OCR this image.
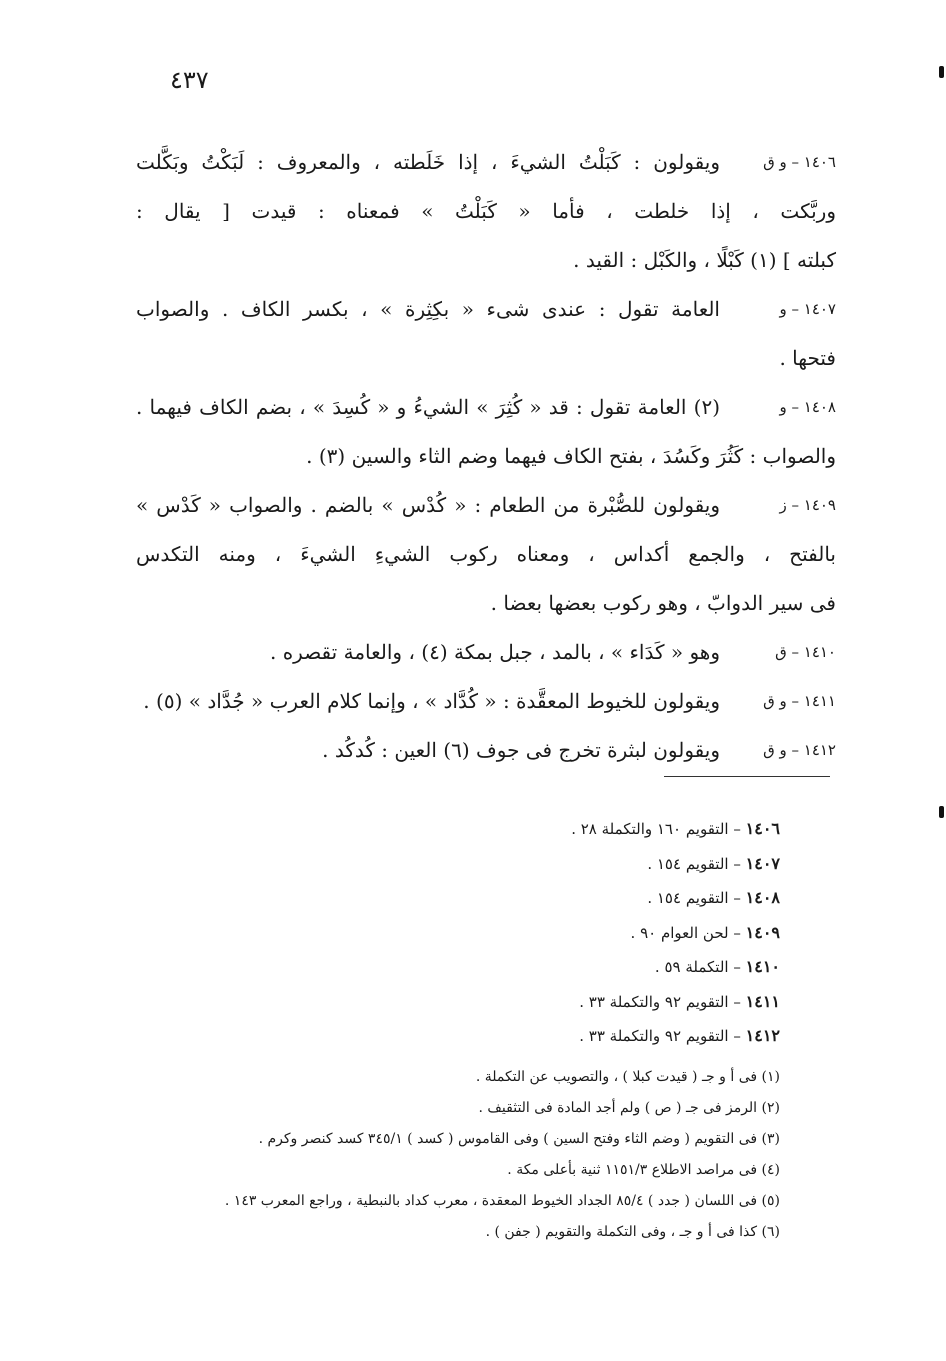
٤٣٧
١٤٠٦ – و ق
ويقولون : كَبَلْتُ الشيءَ ، إذا خَلَطته ، والمعروف : لَبَكْتُ وبَكَّلت
وربَّكت ، إذا خلطت ، فأما « كَبَلْتُ » فمعناه : قيدت [ يقال :
كبلته ] (١) كَبْلًا ، والكَبْل : القيد .
١٤٠٧ – و
العامة تقول : عندى شىء « بكِثِرة » ، بكسر الكاف . والصواب
فتحها .
١٤٠٨ – و
(٢) العامة تقول : قد « كُثِرَ » الشيءُ و « كُسِدَ » ، بضم الكاف فيهما .
والصواب : كَثُرَ وكَسُدَ ، بفتح الكاف فيهما وضم الثاء والسين (٣) .
١٤٠٩ – ز
ويقولون للصُّبْرة من الطعام : « كُدْس » بالضم . والصواب « كَدْس »
بالفتح ، والجمع أكداس ، ومعناه ركوب الشيءِ الشيءَ ، ومنه التكدس
فى سير الدوابّ ، وهو ركوب بعضها بعضا .
١٤١٠ – ق
وهو « كَدَاء » ، بالمد ، جبل بمكة (٤) ، والعامة تقصره .
١٤١١ – و ق
ويقولون للخيوط المعقَّدة : « كُدَّاد » ، وإنما كلام العرب « جُدَّاد » (٥) .
١٤١٢ – و ق
ويقولون لبثرة تخرج فى جوف (٦) العين : كُدكُد .
١٤٠٦ – التقويم ١٦٠ والتكملة ٢٨ .
١٤٠٧ – التقويم ١٥٤ .
١٤٠٨ – التقويم ١٥٤ .
١٤٠٩ – لحن العوام ٩٠ .
١٤١٠ – التكملة ٥٩ .
١٤١١ – التقويم ٩٢ والتكملة ٣٣ .
١٤١٢ – التقويم ٩٢ والتكملة ٣٣ .
(١) فى أ و جـ ( قيدت كبلا ) ، والتصويب عن التكملة .
(٢) الرمز فى جـ ( ص ) ولم أجد المادة فى التثقيف .
(٣) فى التقويم ( وضم الثاء وفتح السين ) وفى القاموس ( كسد ) ٣٤٥/١ كسد كنصر وكرم .
(٤) فى مراصد الاطلاع ١١٥١/٣ ثنية بأعلى مكة .
(٥) فى اللسان ( جدد ) ٨٥/٤ الجداد الخيوط المعقدة ، معرب كداد بالنبطية ، وراجع المعرب ١٤٣ .
(٦) كذا فى أ و جـ ، وفى التكملة والتقويم ( جفن ) .
